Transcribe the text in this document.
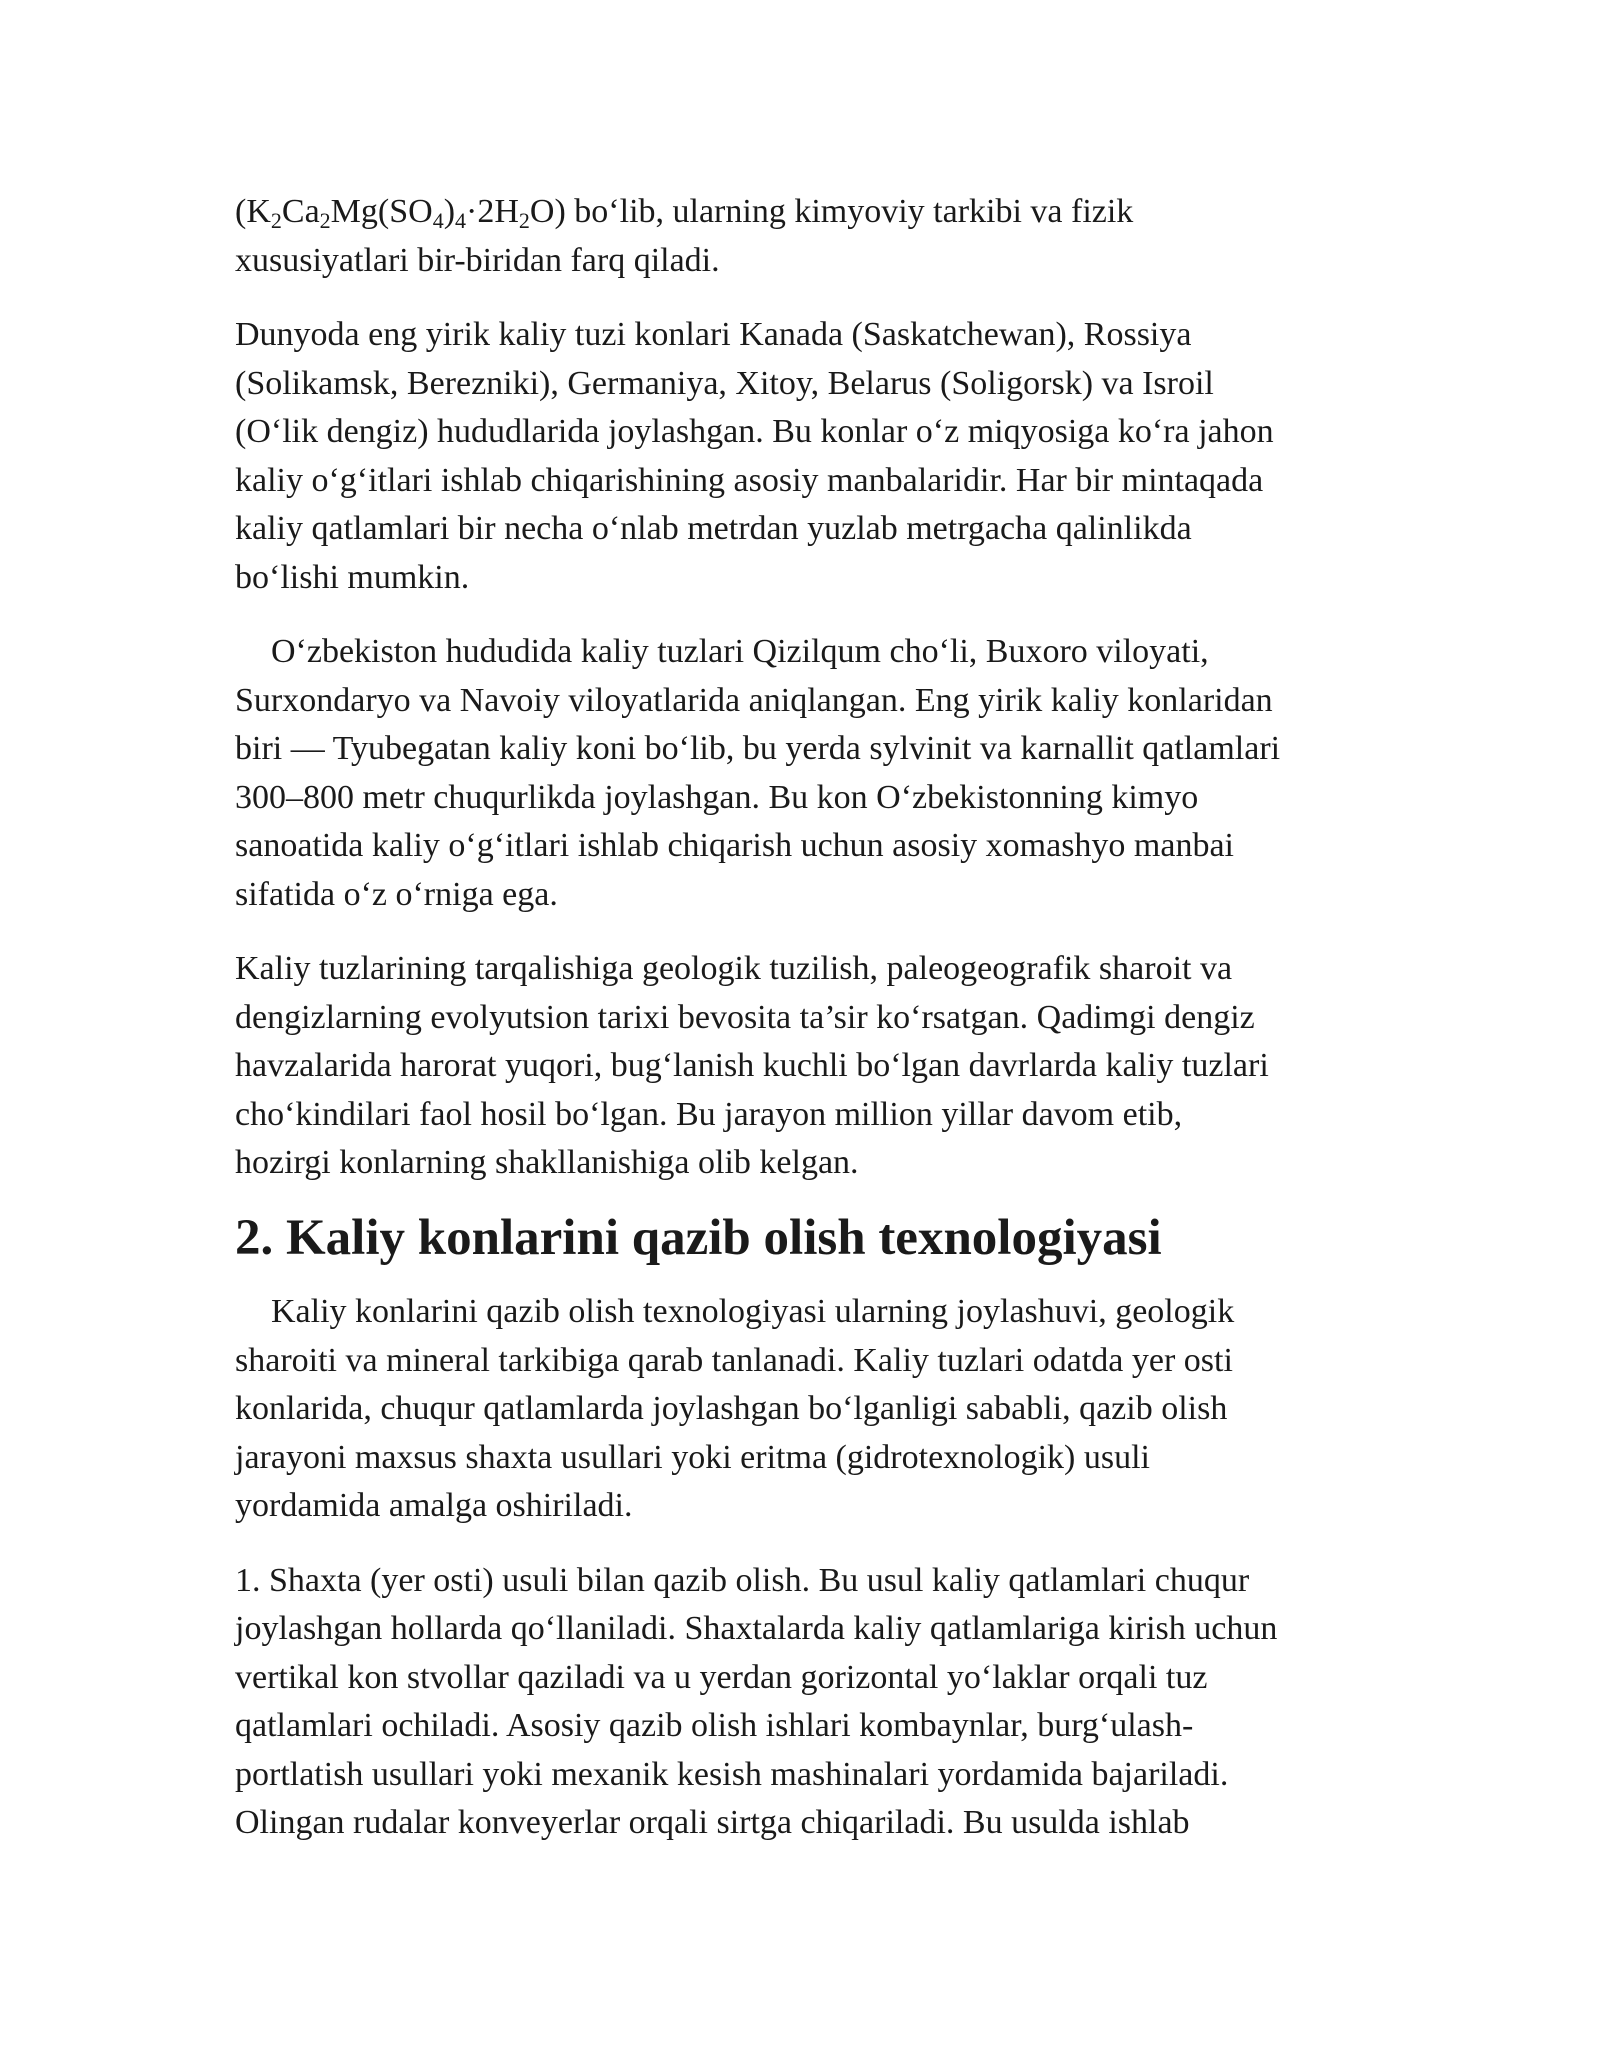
$(K_2Ca_2Mg(SO_4)_4\cdot 2H_2O)$ bo‘lib, ularning kimyoviy tarkibi va fizik
xususiyatlari bir-biridan farq qiladi.

Dunyoda eng yirik kaliy tuzi konlari Kanada (Saskatchewan), Rossiya
(Solikamsk, Berezniki), Germaniya, Xitoy, Belarus (Soligorsk) va Isroil
(O‘lik dengiz) hududlarida joylashgan. Bu konlar o‘z miqyosiga ko‘ra jahon
kaliy o‘g‘itlari ishlab chiqarishining asosiy manbalaridir. Har bir mintaqada
kaliy qatlamlari bir necha o‘nlab metrdan yuzlab metrgacha qalinlikda
bo‘lishi mumkin.

O‘zbekiston hududida kaliy tuzlari Qizilqum cho‘li, Buxoro viloyati,
Surxondaryo va Navoiy viloyatlarida aniqlangan. Eng yirik kaliy konlaridan
biri — Tyubegatan kaliy koni bo‘lib, bu yerda sylvinit va karnallit qatlamlari
300–800 metr chuqurlikda joylashgan. Bu kon O‘zbekistonning kimyo
sanoatida kaliy o‘g‘itlari ishlab chiqarish uchun asosiy xomashyo manbai
sifatida o‘z o‘rniga ega.

Kaliy tuzlarining tarqalishiga geologik tuzilish, paleogeografik sharoit va
dengizlarning evolyutsion tarixi bevosita ta’sir ko‘rsatgan. Qadimgi dengiz
havzalarida harorat yuqori, bug‘lanish kuchli bo‘lgan davrlarda kaliy tuzlari
cho‘kindilari faol hosil bo‘lgan. Bu jarayon million yillar davom etib,
hozirgi konlarning shakllanishiga olib kelgan.

2. Kaliy konlarini qazib olish texnologiyasi

Kaliy konlarini qazib olish texnologiyasi ularning joylashuvi, geologik
sharoiti va mineral tarkibiga qarab tanlanadi. Kaliy tuzlari odatda yer osti
konlarida, chuqur qatlamlarda joylashgan bo‘lganligi sababli, qazib olish
jarayoni maxsus shaxta usullari yoki eritma (gidrotexnologik) usuli
yordamida amalga oshiriladi.

1. Shaxta (yer osti) usuli bilan qazib olish. Bu usul kaliy qatlamlari chuqur
joylashgan hollarda qo‘llaniladi. Shaxtalarda kaliy qatlamlariga kirish uchun
vertikal kon stvollar qaziladi va u yerdan gorizontal yo‘laklar orqali tuz
qatlamlari ochiladi. Asosiy qazib olish ishlari kombaynlar, burg‘ulash-
portlatish usullari yoki mexanik kesish mashinalari yordamida bajariladi.
Olingan rudalar konveyerlar orqali sirtga chiqariladi. Bu usulda ishlab
